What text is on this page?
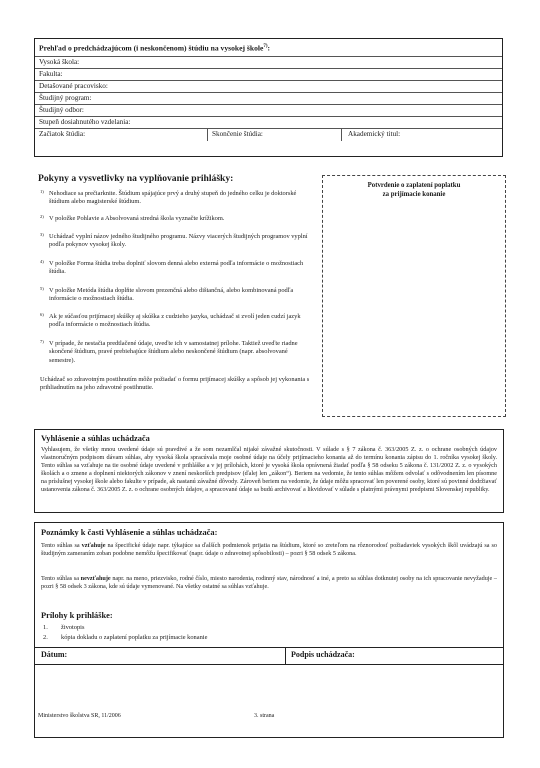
Prehľad o predchádzajúcom (i neskončenom) štúdiu na vysokej škole$^{7)}$:
Vysoká škola:
Fakulta:
Detašované pracovisko:
Študijný program:
Študijný odbor:
Stupeň dosiahnutého vzdelania:
Začiatok štúdia:	Skončenie štúdia:	Akademický titul:
Pokyny a vysvetlivky na vyplňovanie prihlášky:
1) Nehodiace sa prečiarknite. Štúdium spájajúce prvý a druhý stupeň do jedného celku je doktorské štúdium alebo magisterské štúdium.
2) V položke Pohlavie a Absolvovaná stredná škola vyznačte krížikom.
3) Uchádzač vyplní názov jedného študijného programu. Názvy viacerých študijných programov vyplní podľa pokynov vysokej školy.
4) V položke Forma štúdia treba doplniť slovom denná alebo externá podľa informácie o možnostiach štúdia.
5) V položke Metóda štúdia doplňte slovom prezenčná alebo dištančná, alebo kombinovaná podľa informácie o možnostiach štúdia.
6) Ak je súčasťou prijímacej skúšky aj skúška z cudzieho jazyka, uchádzač si zvolí jeden cudzí jazyk podľa informácie o možnostiach štúdia.
7) V prípade, že nestačia predtlačené údaje, uveďte ich v samostatnej prílohe. Taktiež uveďte riadne skončené štúdium, pravé prebiehajúce štúdium alebo neskončené štúdium (napr. absolvované semestre).
Uchádzač so zdravotným postihnutím môže požiadať o formu prijímacej skúšky a spôsob jej vykonania s prihliadnutím na jeho zdravotné postihnutie.
Potvrdenie o zaplatení poplatku
za prijímacie konanie
Vyhlásenie a súhlas uchádzača
Vyhlasujem, že všetky mnou uvedené údaje sú pravdivé a že som nezamlčal nijaké závažné skutočnosti. V súlade s § 7 zákona č. 363/2005 Z. z. o ochrane osobných údajov vlastnoručným podpisom dávam súhlas, aby vysoká škola spracúvala moje osobné údaje na účely prijímacieho konania až do termínu konania zápisu do 1. ročníka vysokej školy. Tento súhlas sa vzťahuje na tie osobné údaje uvedené v prihláške a v jej prílohách, ktoré je vysoká škola oprávnená žiadať podľa § 58 odseku 5 zákona č. 131/2002 Z. z. o vysokých školách a o zmene a doplnení niektorých zákonov v znení neskorších predpisov (ďalej len „zákon“). Beriem na vedomie, že tento súhlas môžem odvolať s odôvodnením len písomne na príslušnej vysokej škole alebo fakulte v prípade, ak nastanú závažné dôvody. Zároveň beriem na vedomie, že údaje môžu spracovať len poverené osoby, ktoré sú povinné dodržiavať ustanovenia zákona č. 363/2005 Z. z. o ochrane osobných údajov, a spracované údaje sa budú archivovať a likvidovať v súlade s platnými právnymi predpismi Slovenskej republiky.
Poznámky k časti Vyhlásenie a súhlas uchádzača:
Tento súhlas sa vzťahuje na špecifické údaje napr. týkajúce sa ďalších podmienok prijatia na štúdium, ktoré so zreteľom na rôznorodosť požiadaviek vysokých škôl uvádzajú sa so študijným zameraním zoban podobne nemôžu špecifikovať (napr. údaje o zdravotnej spôsobilosti) – pozri § 58 odsek 5 zákona.
Tento súhlas sa nevzťahuje napr. na meno, priezvisko, rodné číslo, miesto narodenia, rodinný stav, národnosť a iné, a preto sa súhlas dotknutej osoby na ich spracovanie nevyžaduje – pozri § 58 odsek 3 zákona, kde sú údaje vymenované. Na všetky ostatné sa súhlas vzťahuje.
Prílohy k prihláške:
1. životopis
2. kópia dokladu o zaplatení poplatku za prijímacie konanie
Dátum:	Podpis uchádzača:
Ministerstvo školstva SR, 11/2006	3. strana
